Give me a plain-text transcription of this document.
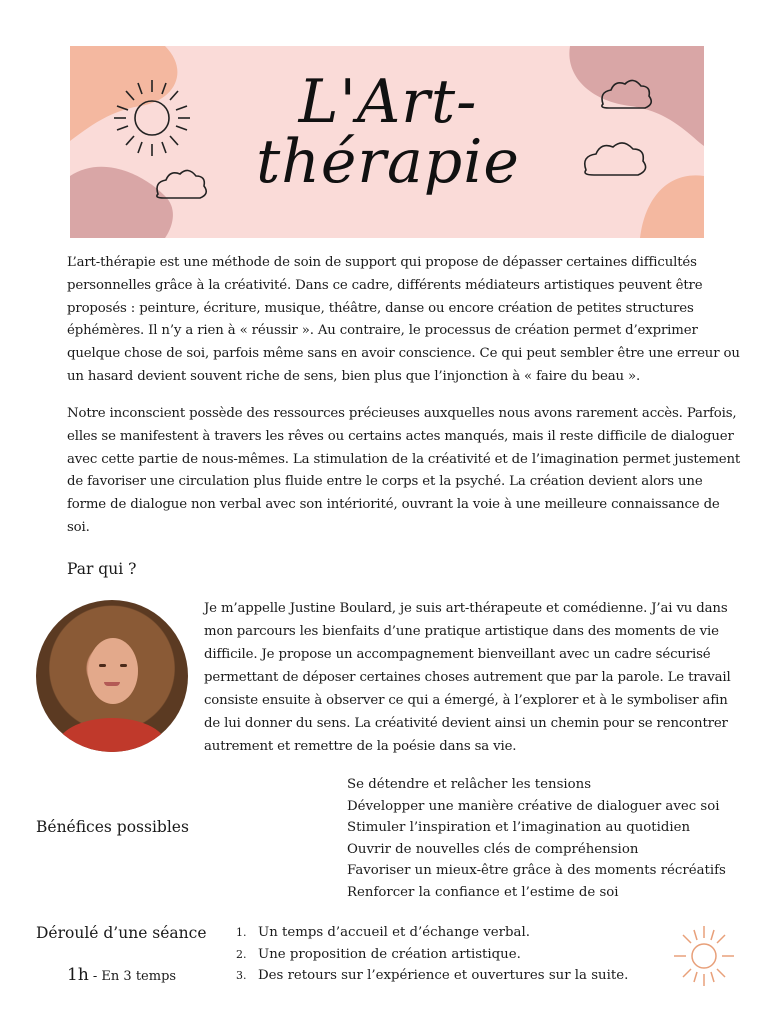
L'Art-thérapie

L’art-thérapie est une méthode de soin de support qui propose de dépasser certaines difficultés personnelles grâce à la créativité. Dans ce cadre, différents médiateurs artistiques peuvent être proposés : peinture, écriture, musique, théâtre, danse ou encore création de petites structures éphémères. Il n’y a rien à « réussir ». Au contraire, le processus de création permet d’exprimer quelque chose de soi, parfois même sans en avoir conscience. Ce qui peut sembler être une erreur ou un hasard devient souvent riche de sens, bien plus que l’injonction à « faire du beau ».

Notre inconscient possède des ressources précieuses auxquelles nous avons rarement accès. Parfois, elles se manifestent à travers les rêves ou certains actes manqués, mais il reste difficile de dialoguer avec cette partie de nous-mêmes. La stimulation de la créativité et de l’imagination permet justement de favoriser une circulation plus fluide entre le corps et la psyché. La création devient alors une forme de dialogue non verbal avec son intériorité, ouvrant la voie à une meilleure connaissance de soi.

Par qui ?

Je m’appelle Justine Boulard, je suis art-thérapeute et comédienne. J’ai vu dans mon parcours les bienfaits d’une pratique artistique dans des moments de vie difficile. Je propose un accompagnement bienveillant avec un cadre sécurisé permettant de déposer certaines choses autrement que par la parole. Le travail consiste ensuite à observer ce qui a émergé, à l’explorer et à le symboliser afin de lui donner du sens. La créativité devient ainsi un chemin pour se rencontrer autrement et remettre de la poésie dans sa vie.

Bénéfices possibles
Se détendre et relâcher les tensions
Développer une manière créative de dialoguer avec soi
Stimuler l’inspiration et l’imagination au quotidien
Ouvrir de nouvelles clés de compréhension
Favoriser un mieux-être grâce à des moments récréatifs
Renforcer la confiance et l’estime de soi
Déroulé d’une séance
1h - En 3 temps
1. Un temps d’accueil et d’échange verbal.
2. Une proposition de création artistique.
3. Des retours sur l’expérience et ouvertures sur la suite.
